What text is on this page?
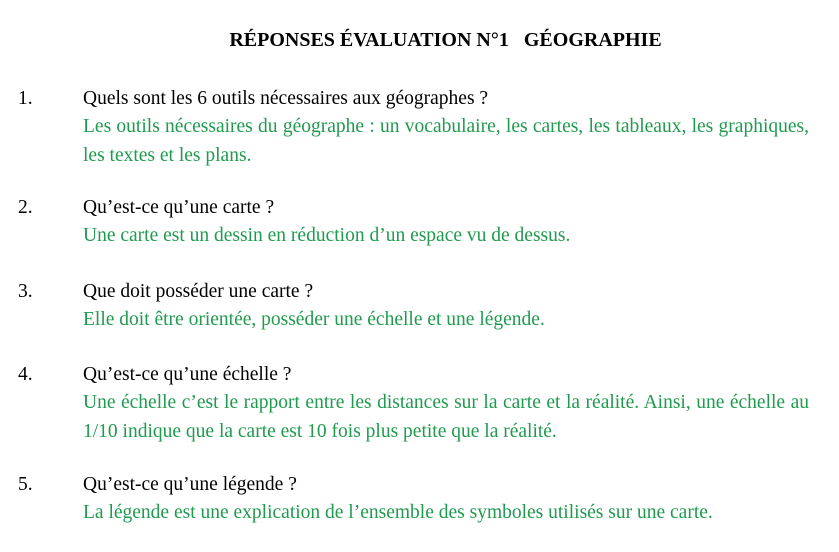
RÉPONSES ÉVALUATION N°1   GÉOGRAPHIE
1.	Quels sont les 6 outils nécessaires aux géographes ?
Les outils nécessaires du géographe : un vocabulaire, les cartes, les tableaux, les graphiques, les textes et les plans.
2.	Qu’est-ce qu’une carte ?
Une carte est un dessin en réduction d’un espace vu de dessus.
3.	Que doit posséder une carte ?
Elle doit être orientée, posséder une échelle et une légende.
4.	Qu’est-ce qu’une échelle ?
Une échelle c’est le rapport entre les distances sur la carte et la réalité. Ainsi, une échelle au 1/10 indique que la carte est 10 fois plus petite que la réalité.
5.	Qu’est-ce qu’une légende ?
La légende est une explication de l’ensemble des symboles utilisés sur une carte.
